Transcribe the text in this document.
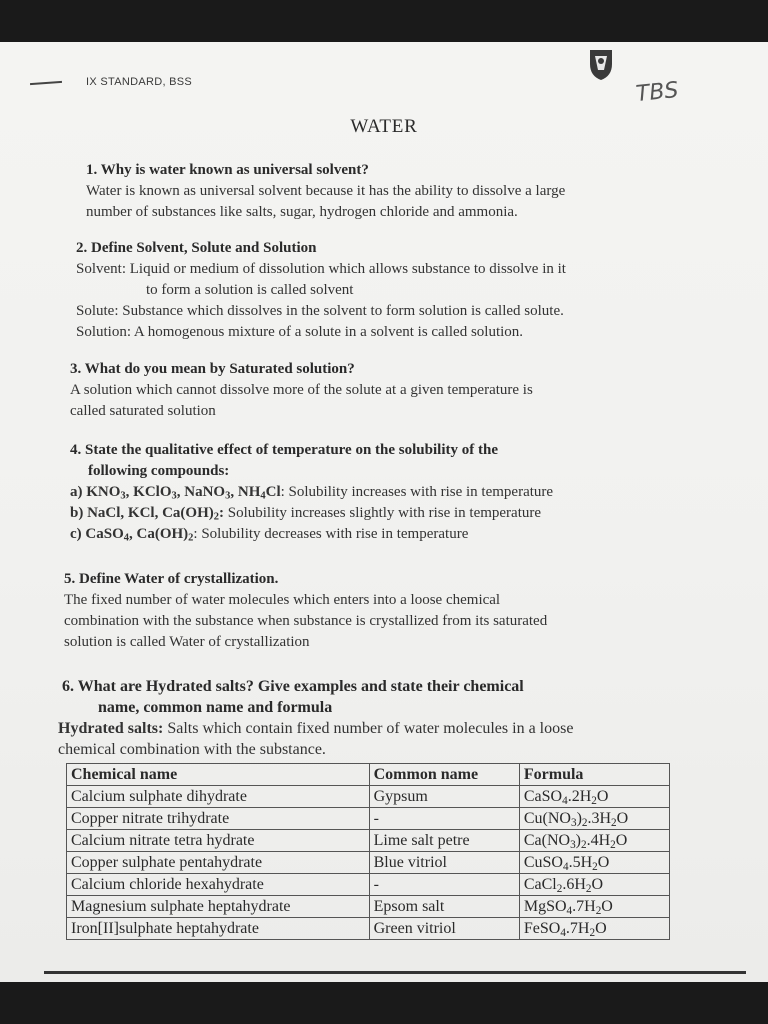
IX STANDARD, BSS	TBS
WATER
1. Why is water known as universal solvent?
Water is known as universal solvent because it has the ability to dissolve a large
number of substances like salts, sugar, hydrogen chloride and ammonia.
2. Define Solvent, Solute and Solution
Solvent: Liquid or medium of dissolution which allows substance to dissolve in it
to form a solution is called solvent
Solute: Substance which dissolves in the solvent to form solution is called solute.
Solution: A homogenous mixture of a solute in a solvent is called solution.
3. What do you mean by Saturated solution?
A solution which cannot dissolve more of the solute at a given temperature is
called saturated solution
4. State the qualitative effect of temperature on the solubility of the
following compounds:
a) $KNO_3$, KClO$_3$, NaNO$_3$, $NH_4Cl$: Solubility increases with rise in temperature
b) NaCl, KCl, $Ca(OH)_2$: Solubility increases slightly with rise in temperature
c) CaSO$_4$, $Ca(OH)_2$: Solubility decreases with rise in temperature
5. Define Water of crystallization.
The fixed number of water molecules which enters into a loose chemical
combination with the substance when substance is crystallized from its saturated
solution is called Water of crystallization
6. What are Hydrated salts? Give examples and state their chemical
name, common name and formula
Hydrated salts: Salts which contain fixed number of water molecules in a loose
chemical combination with the substance.
Chemical name	Common name	Formula
Calcium sulphate dihydrate	Gypsum	$CaSO_4.2H_2O$
Copper nitrate trihydrate	-	$Cu(NO_3)_2.3H_2O$
Calcium nitrate tetra hydrate	Lime salt petre	$Ca(NO_3)_2.4H_2O$
Copper sulphate pentahydrate	Blue vitriol	$CuSO_4.5H_2O$
Calcium chloride hexahydrate	-	$CaCl_2.6H_2O$
Magnesium sulphate heptahydrate	Epsom salt	$MgSO_4.7H_2O$
Iron[II]sulphate heptahydrate	Green vitriol	$FeSO_4.7H_2O$
